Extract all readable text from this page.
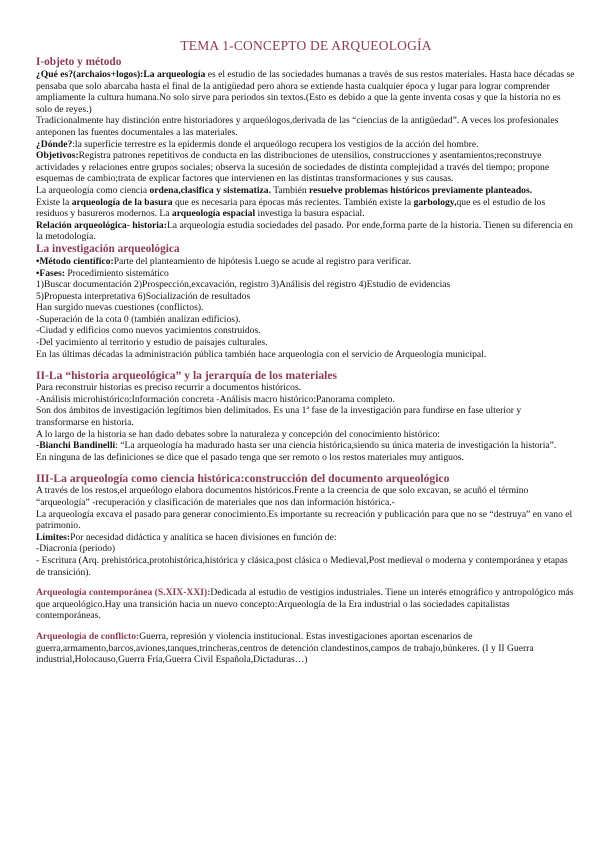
TEMA 1-CONCEPTO DE ARQUEOLOGÍA
I-objeto y método

¿Qué es?(archaios+logos):La arqueología es el estudio de las sociedades humanas a través de sus restos materiales. Hasta hace décadas se pensaba que solo abarcaba hasta el final de la antigüedad pero ahora se extiende hasta cualquier época y lugar para lograr comprender ampliamente la cultura humana.No solo sirve para periodos sin textos.(Esto es debido a que la gente inventa cosas y que la historia no es solo de reyes.)

Tradicionalmente hay distinción entre historiadores y arqueólogos,derivada de las “ciencias de la antigüedad”. A veces los profesionales anteponen las fuentes documentales a las materiales.

¿Dónde?:la superficie terrestre es la epidermis donde el arqueólogo recupera los vestigios de la acción del hombre.

Objetivos:Registra patrones repetitivos de conducta en las distribuciones de utensilios, construcciones y asentamientos;reconstruye actividades y relaciones entre grupos sociales; observa la sucesión de sociedades de distinta complejidad a través del tiempo; propone esquemas de cambio;trata de explicar factores que intervienen en las distintas transformaciones y sus causas.

La arqueología como ciencia ordena,clasifica y sistematiza. También resuelve problemas históricos previamente planteados.

Existe la arqueología de la basura que es necesaria para épocas más recientes. También existe la garbology,que es el estudio de los residuos y basureros modernos. La arqueología espacial investiga la basura espacial.

Relación arqueológica- historia:La arqueología estudia sociedades del pasado. Por ende,forma parte de la historia. Tienen su diferencia en la metodología.

La investigación arqueológica

•Método científico:Parte del planteamiento de hipótesis Luego se acude al registro para verificar.

•Fases: Procedimiento sistemático

1)Buscar documentación 2)Prospección,excavación, registro 3)Análisis del registro 4)Estudio de evidencias

5)Propuesta interpretativa 6)Socialización de resultados

Han surgido nuevas cuestiones (conflictos).

-Superación de la cota 0 (también analizan edificios).

-Ciudad y edificios como nuevos yacimientos construidos.

-Del yacimiento al territorio y estudio de paisajes culturales.

En las últimas décadas la administración pública también hace arqueología con el servicio de Arqueología municipal.

II-La “historia arqueológica” y la jerarquía de los materiales

Para reconstruir historias es preciso recurrir a documentos históricos.

-Análisis microhistórico:Información concreta -Análisis macro histórico:Panorama completo.

Son dos ámbitos de investigación legítimos bien delimitados. Es una 1ª fase de la investigación para fundirse en fase ulterior y transformarse en historia.

A lo largo de la historia se han dado debates sobre la naturaleza y concepción del conocimiento histórico:

-Bianchi Bandinelli: “La arqueología ha madurado hasta ser una ciencia histórica,siendo su única materia de investigación la historia”.

En ninguna de las definiciones se dice que el pasado tenga que ser remoto o los restos materiales muy antiguos.

III-La arqueología como ciencia histórica:construcción del documento arqueológico

A través de los restos,el arqueólogo elabora documentos históricos.Frente a la creencia de que solo excavan, se acuñó el término “arqueología” -recuperación y clasificación de materiales que nos dan información histórica.-

La arqueología excava el pasado para generar conocimiento.Es importante su recreación y publicación para que no se “destruya” en vano el patrimonio.

Límites:Por necesidad didáctica y analítica se hacen divisiones en función de:

-Diacronía (periodo)

- Escritura (Arq. prehistórica,protohistórica,histórica y clásica,post clásica o Medieval,Post medieval o moderna y contemporánea y etapas de transición).

Arqueología contemporánea (S.XIX-XXI):Dedicada al estudio de vestigios industriales. Tiene un interés etnográfico y antropológico más que arqueológico.Hay una transición hacia un nuevo concepto:Arqueología de la Era industrial o las sociedades capitalistas contemporáneas.

Arqueología de conflicto:Guerra, represión y violencia institucional. Estas investigaciones aportan escenarios de guerra,armamento,barcos,aviones,tanques,trincheras,centros de detención clandestinos,campos de trabajo,búnkeres. (I y II Guerra industrial,Holocauso,Guerra Fría,Guerra Civil Española,Dictaduras…)
